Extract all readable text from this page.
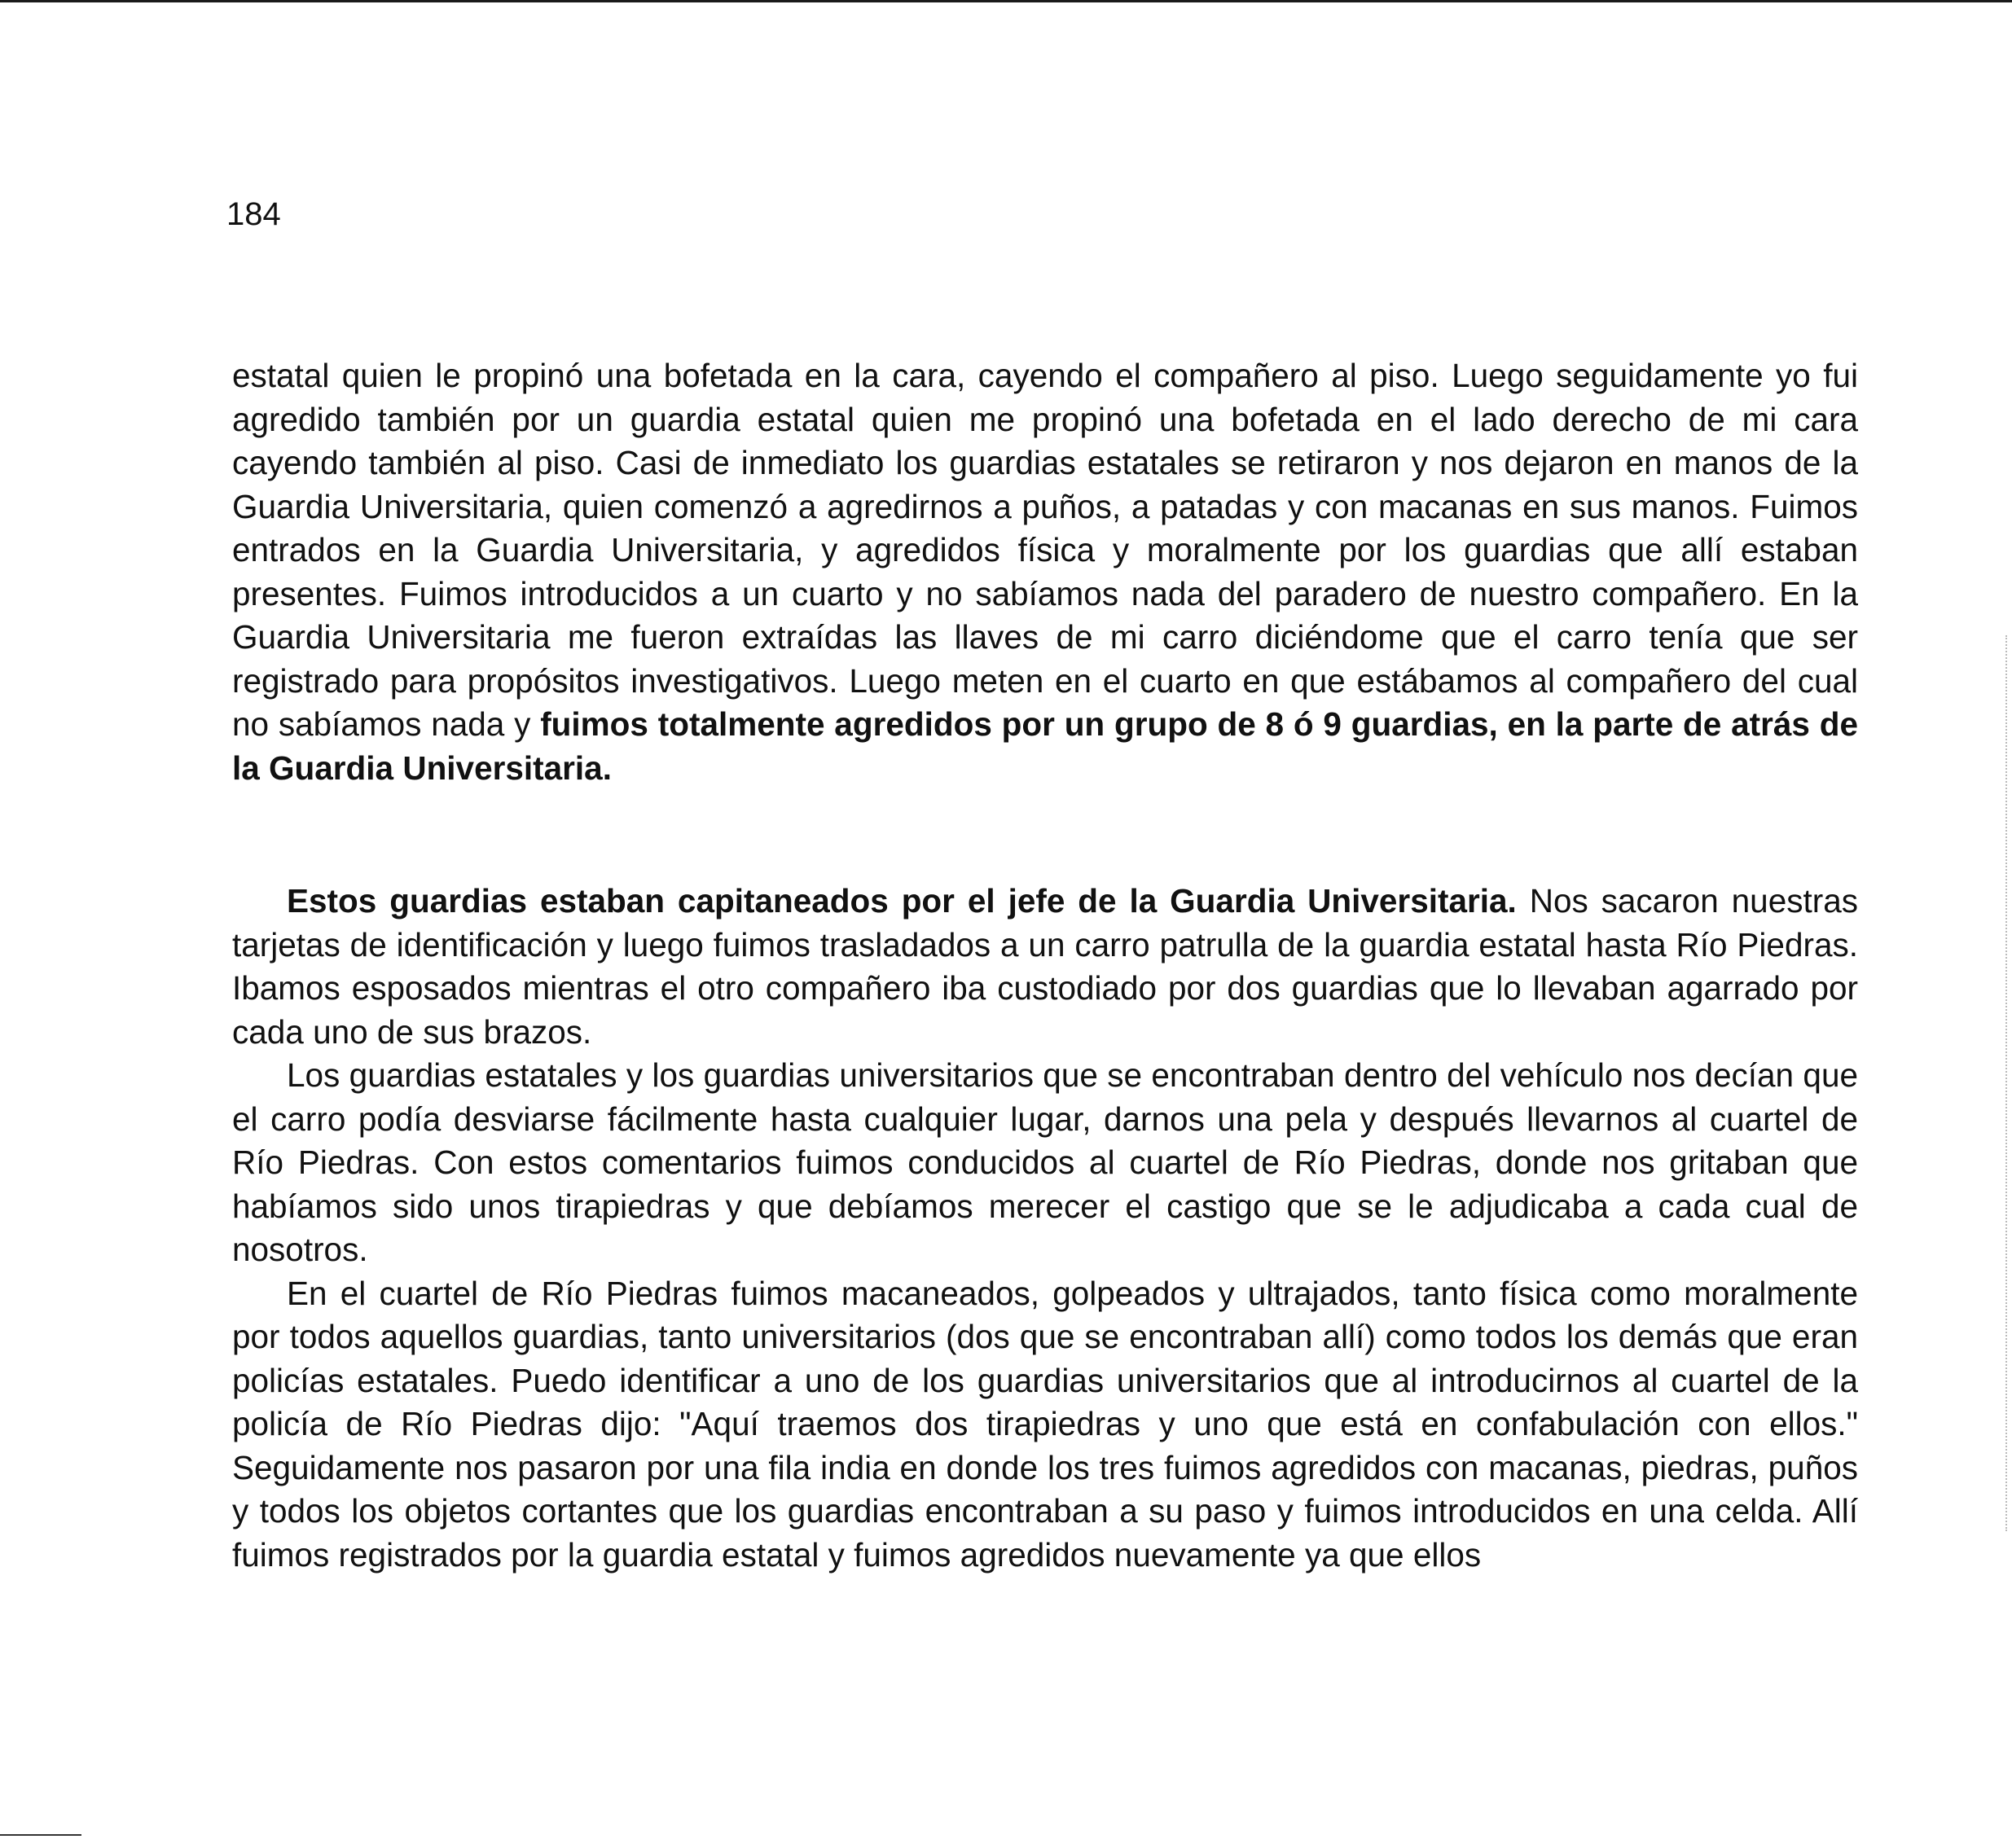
184

estatal quien le propinó una bofetada en la cara, cayendo el compañero al piso. Luego seguidamente yo fui agredido también por un guardia estatal quien me propinó una bofetada en el lado derecho de mi cara cayendo también al piso. Casi de inmediato los guardias estatales se retiraron y nos dejaron en manos de la Guardia Universitaria, quien comenzó a agredirnos a puños, a patadas y con macanas en sus manos. Fuimos entrados en la Guardia Universitaria, y agredidos física y moralmente por los guardias que allí estaban presentes. Fuimos introducidos a un cuarto y no sabíamos nada del paradero de nuestro compañero. En la Guardia Universitaria me fueron extraídas las llaves de mi carro diciéndome que el carro tenía que ser registrado para propósitos investigativos. Luego meten en el cuarto en que estábamos al compañero del cual no sabíamos nada y fuimos totalmente agredidos por un grupo de 8 ó 9 guardias, en la parte de atrás de la Guardia Universitaria.

Estos guardias estaban capitaneados por el jefe de la Guardia Universitaria. Nos sacaron nuestras tarjetas de identificación y luego fuimos trasladados a un carro patrulla de la guardia estatal hasta Río Piedras. Ibamos esposados mientras el otro compañero iba custodiado por dos guardias que lo llevaban agarrado por cada uno de sus brazos.

Los guardias estatales y los guardias universitarios que se encontraban dentro del vehículo nos decían que el carro podía desviarse fácilmente hasta cualquier lugar, darnos una pela y después llevarnos al cuartel de Río Piedras. Con estos comentarios fuimos conducidos al cuartel de Río Piedras, donde nos gritaban que habíamos sido unos tirapiedras y que debíamos merecer el castigo que se le adjudicaba a cada cual de nosotros.

En el cuartel de Río Piedras fuimos macaneados, golpeados y ultrajados, tanto física como moralmente por todos aquellos guardias, tanto universitarios (dos que se encontraban allí) como todos los demás que eran policías estatales. Puedo identificar a uno de los guardias universitarios que al introducirnos al cuartel de la policía de Río Piedras dijo: "Aquí traemos dos tirapiedras y uno que está en confabulación con ellos." Seguidamente nos pasaron por una fila india en donde los tres fuimos agredidos con macanas, piedras, puños y todos los objetos cortantes que los guardias encontraban a su paso y fuimos introducidos en una celda. Allí fuimos registrados por la guardia estatal y fuimos agredidos nuevamente ya que ellos
